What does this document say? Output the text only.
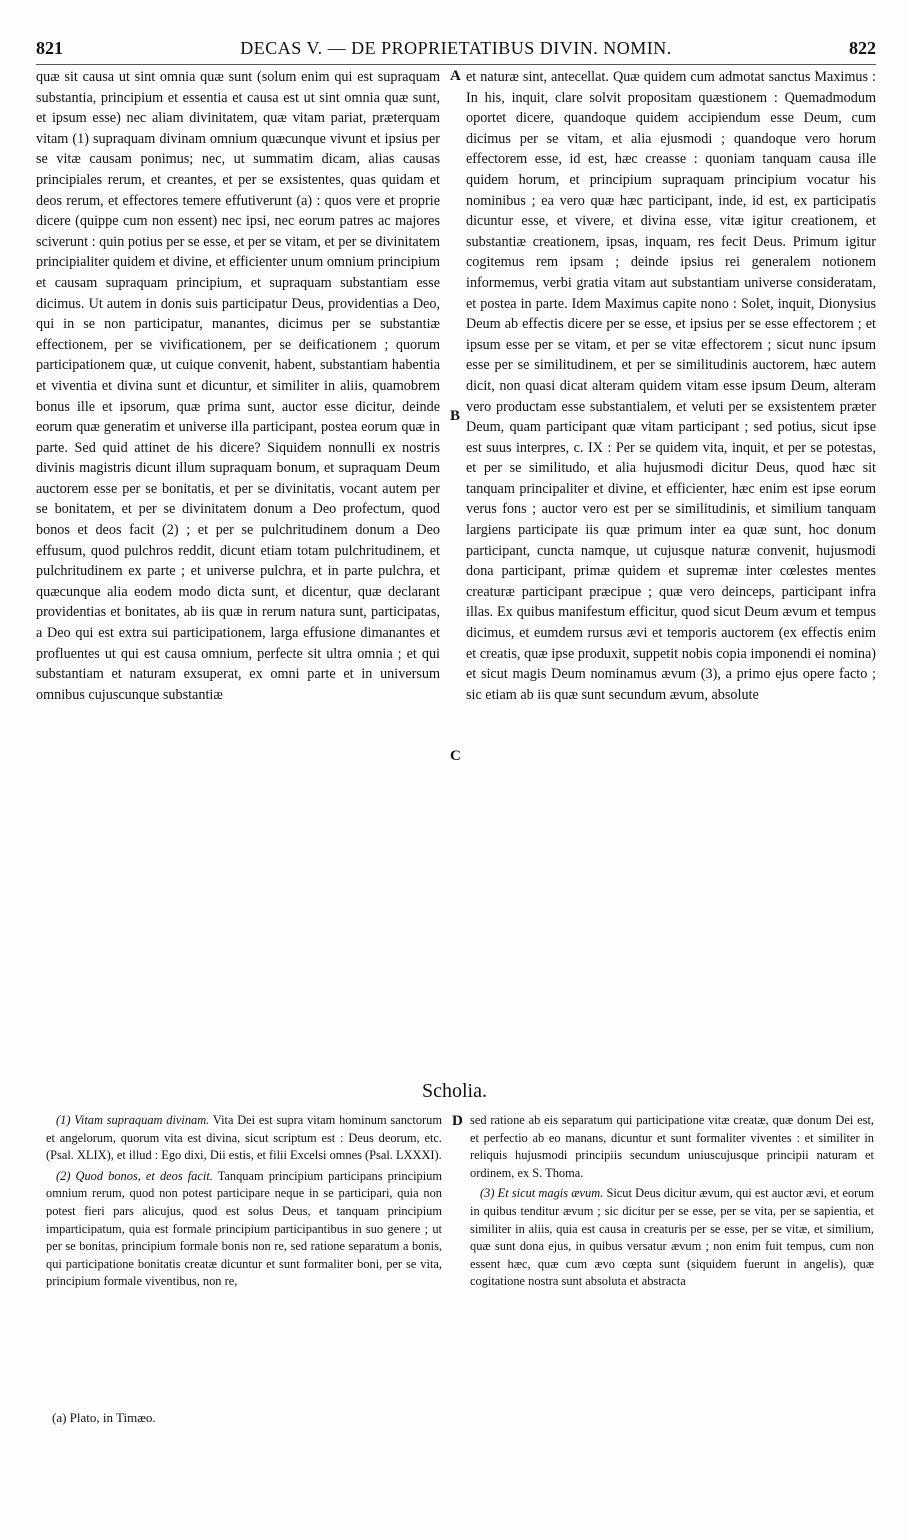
821	DECAS V. — DE PROPRIETATIBUS DIVIN. NOMIN.	822

quæ sit causa ut sint omnia quæ sunt (solum enim qui est supraquam substantia, principium et essentia et causa est ut sint omnia quæ sunt, et ipsum esse) nec aliam divinitatem, quæ vitam pariat, præterquam vitam (1) supraquam divinam omnium quæcunque vivunt et ipsius per se vitæ causam ponimus; nec, ut summatim dicam, alias causas principiales rerum, et creantes, et per se exsistentes, quas quidam et deos rerum, et effectores temere effutiverunt (a) : quos vere et proprie dicere (quippe cum non essent) nec ipsi, nec eorum patres ac majores sciverunt : quin potius per se esse, et per se vitam, et per se divinitatem principialiter quidem et divine, et efficienter unum omnium principium et causam supraquam principium, et supraquam substantiam esse dicimus. Ut autem in donis suis participatur Deus, providentias a Deo, qui in se non participatur, manantes, dicimus per se substantiæ effectionem, per se vivificationem, per se deificationem ; quorum participationem quæ, ut cuique convenit, habent, substantiam habentia et viventia et divina sunt et dicuntur, et similiter in aliis, quamobrem bonus ille et ipsorum, quæ prima sunt, auctor esse dicitur, deinde eorum quæ generatim et universe illa participant, postea eorum quæ in parte. Sed quid attinet de his dicere? Siquidem nonnulli ex nostris divinis magistris dicunt illum supraquam bonum, et supraquam Deum auctorem esse per se bonitatis, et per se divinitatis, vocant autem per se bonitatem, et per se divinitatem donum a Deo profectum, quod bonos et deos facit (2) ; et per se pulchritudinem donum a Deo effusum, quod pulchros reddit, dicunt etiam totam pulchritudinem, et pulchritudinem ex parte ; et universe pulchra, et in parte pulchra, et quæcunque alia eodem modo dicta sunt, et dicentur, quæ declarant providentias et bonitates, ab iis quæ in rerum natura sunt, participatas, a Deo qui est extra sui participationem, larga effusione dimanantes et profluentes ut qui est causa omnium, perfecte sit ultra omnia ; et qui substantiam et naturam exsuperat, ex omni parte et in universum omnibus cujuscunque substantiæ

A
B
C
D

et naturæ sint, antecellat. Quæ quidem cum admotat sanctus Maximus : In his, inquit, clare solvit propositam quæstionem : Quemadmodum oportet dicere, quandoque quidem accipiendum esse Deum, cum dicimus per se vitam, et alia ejusmodi ; quandoque vero horum effectorem esse, id est, hæc creasse : quoniam tanquam causa ille quidem horum, et principium supraquam principium vocatur his nominibus ; ea vero quæ hæc participant, inde, id est, ex participatis dicuntur esse, et vivere, et divina esse, vitæ igitur creationem, et substantiæ creationem, ipsas, inquam, res fecit Deus. Primum igitur cogitemus rem ipsam ; deinde ipsius rei generalem notionem informemus, verbi gratia vitam aut substantiam universe consideratam, et postea in parte. Idem Maximus capite nono : Solet, inquit, Dionysius Deum ab effectis dicere per se esse, et ipsius per se esse effectorem ; et ipsum esse per se vitam, et per se vitæ effectorem ; sicut nunc ipsum esse per se similitudinem, et per se similitudinis auctorem, hæc autem dicit, non quasi dicat alteram quidem vitam esse ipsum Deum, alteram vero productam esse substantialem, et veluti per se exsistentem præter Deum, quam participant quæ vitam participant ; sed potius, sicut ipse est suus interpres, c. IX : Per se quidem vita, inquit, et per se potestas, et per se similitudo, et alia hujusmodi dicitur Deus, quod hæc sit tanquam principaliter et divine, et efficienter, hæc enim est ipse eorum verus fons ; auctor vero est per se similitudinis, et similium tanquam largiens participate iis quæ primum inter ea quæ sunt, hoc donum participant, cuncta namque, ut cujusque naturæ convenit, hujusmodi dona participant, primæ quidem et supremæ inter cœlestes mentes creaturæ participant præcipue ; quæ vero deinceps, participant infra illas. Ex quibus manifestum efficitur, quod sicut Deum ævum et tempus dicimus, et eumdem rursus ævi et temporis auctorem (ex effectis enim et creatis, quæ ipse produxit, suppetit nobis copia imponendi ei nomina) et sicut magis Deum nominamus ævum (3), a primo ejus opere facto ; sic etiam ab iis quæ sunt secundum ævum, absolute

Scholia.

(1) Vitam supraquam divinam. Vita Dei est supra vitam hominum sanctorum et angelorum, quorum vita est divina, sicut scriptum est : Deus deorum, etc. (Psal. XLIX), et illud : Ego dixi, Dii estis, et filii Excelsi omnes (Psal. LXXXI).

(2) Quod bonos, et deos facit. Tanquam principium participans principium omnium rerum, quod non potest participare neque in se participari, quia non potest fieri pars alicujus, quod est solus Deus, et tanquam principium imparticipatum, quia est formale principium participantibus in suo genere ; ut per se bonitas, principium formale bonis non re, sed ratione separatum a bonis, qui participatione bonitatis creatæ dicuntur et sunt formaliter boni, per se vita, principium formale viventibus, non re,

sed ratione ab eis separatum qui participatione vitæ creatæ, quæ donum Dei est, et perfectio ab eo manans, dicuntur et sunt formaliter viventes : et similiter in reliquis hujusmodi principiis secundum uniuscujusque principii naturam et ordinem, ex S. Thoma.

(3) Et sicut magis ævum. Sicut Deus dicitur ævum, qui est auctor ævi, et eorum in quibus tenditur ævum ; sic dicitur per se esse, per se vita, per se sapientia, et similiter in aliis, quia est causa in creaturis per se esse, per se vitæ, et similium, quæ sunt dona ejus, in quibus versatur ævum ; non enim fuit tempus, cum non essent hæc, quæ cum ævo cœpta sunt (siquidem fuerunt in angelis), quæ cogitatione nostra sunt absoluta et abstracta

(a) Plato, in Timæo.
